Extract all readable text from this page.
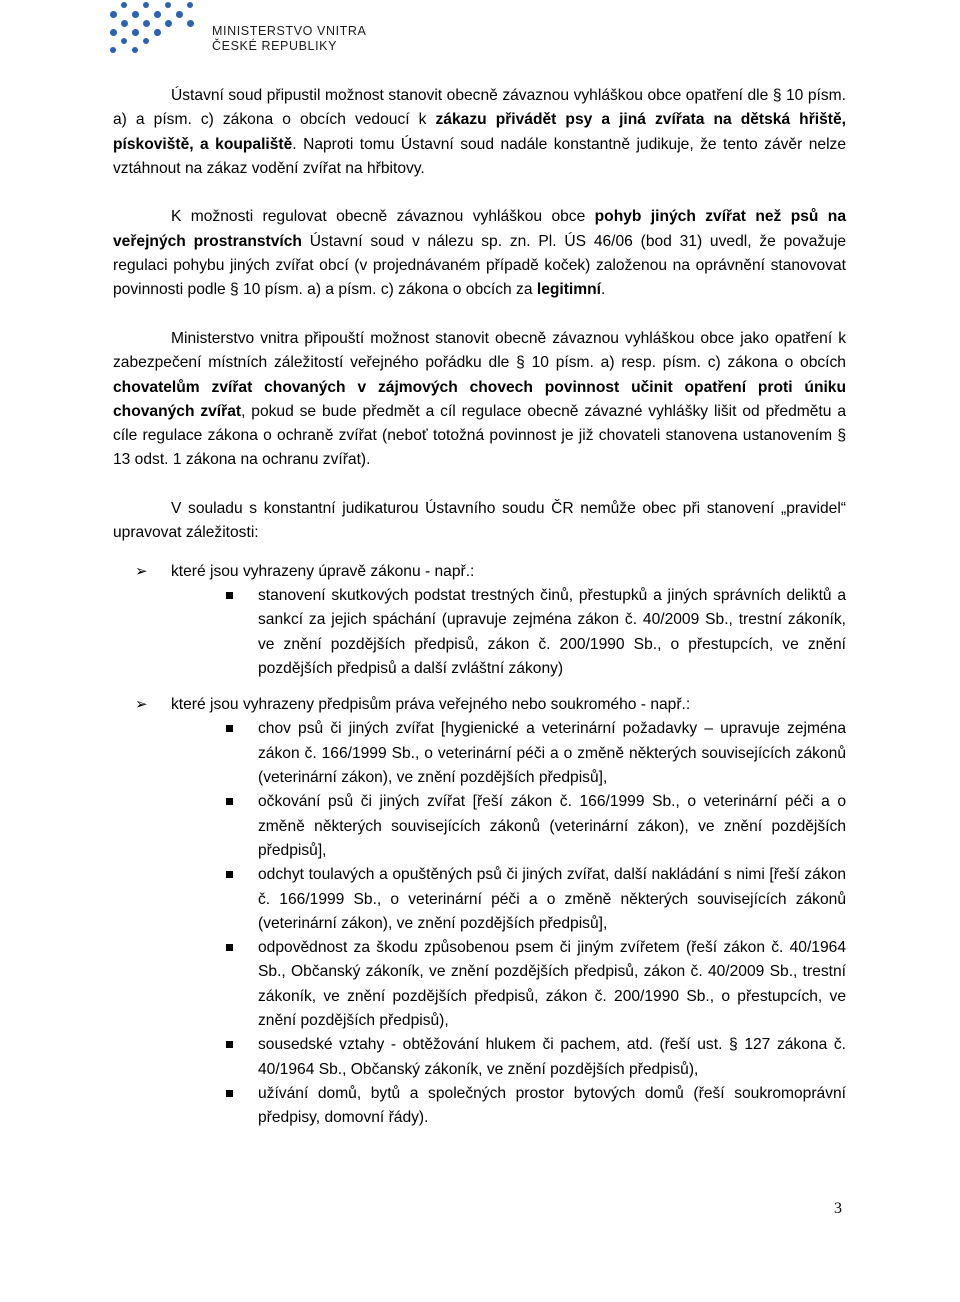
MINISTERSTVO VNITRA
ČESKÉ REPUBLIKY

Ústavní soud připustil možnost stanovit obecně závaznou vyhláškou obce opatření dle § 10 písm. a) a písm. c) zákona o obcích vedoucí k zákazu přivádět psy a jiná zvířata na dětská hřiště, pískoviště, a koupaliště. Naproti tomu Ústavní soud nadále konstantně judikuje, že tento závěr nelze vztáhnout na zákaz vodění zvířat na hřbitovy.

K možnosti regulovat obecně závaznou vyhláškou obce pohyb jiných zvířat než psů na veřejných prostranstvích Ústavní soud v nálezu sp. zn. Pl. ÚS 46/06 (bod 31) uvedl, že považuje regulaci pohybu jiných zvířat obcí (v projednávaném případě koček) založenou na oprávnění stanovovat povinnosti podle § 10 písm. a) a písm. c) zákona o obcích za legitimní.

Ministerstvo vnitra připouští možnost stanovit obecně závaznou vyhláškou obce jako opatření k zabezpečení místních záležitostí veřejného pořádku dle § 10 písm. a) resp. písm. c) zákona o obcích chovatelům zvířat chovaných v zájmových chovech povinnost učinit opatření proti úniku chovaných zvířat, pokud se bude předmět a cíl regulace obecně závazné vyhlášky lišit od předmětu a cíle regulace zákona o ochraně zvířat (neboť totožná povinnost je již chovateli stanovena ustanovením § 13 odst. 1 zákona na ochranu zvířat).

V souladu s konstantní judikaturou Ústavního soudu ČR nemůže obec při stanovení „pravidel“ upravovat záležitosti:

➢ které jsou vyhrazeny úpravě zákonu - např.:
stanovení skutkových podstat trestných činů, přestupků a jiných správních deliktů a sankcí za jejich spáchání (upravuje zejména zákon č. 40/2009 Sb., trestní zákoník, ve znění pozdějších předpisů, zákon č. 200/1990 Sb., o přestupcích, ve znění pozdějších předpisů a další zvláštní zákony)
➢ které jsou vyhrazeny předpisům práva veřejného nebo soukromého - např.:
chov psů či jiných zvířat [hygienické a veterinární požadavky – upravuje zejména zákon č. 166/1999 Sb., o veterinární péči a o změně některých souvisejících zákonů (veterinární zákon), ve znění pozdějších předpisů],
očkování psů či jiných zvířat [řeší zákon č. 166/1999 Sb., o veterinární péči a o změně některých souvisejících zákonů (veterinární zákon), ve znění pozdějších předpisů],
odchyt toulavých a opuštěných psů či jiných zvířat, další nakládání s nimi [řeší zákon č. 166/1999 Sb., o veterinární péči a o změně některých souvisejících zákonů (veterinární zákon), ve znění pozdějších předpisů],
odpovědnost za škodu způsobenou psem či jiným zvířetem (řeší zákon č. 40/1964 Sb., Občanský zákoník, ve znění pozdějších předpisů, zákon č. 40/2009 Sb., trestní zákoník, ve znění pozdějších předpisů, zákon č. 200/1990 Sb., o přestupcích, ve znění pozdějších předpisů),
sousedské vztahy - obtěžování hlukem či pachem, atd. (řeší ust. § 127 zákona č. 40/1964 Sb., Občanský zákoník, ve znění pozdějších předpisů),
užívání domů, bytů a společných prostor bytových domů (řeší soukromoprávní předpisy, domovní řády).
3
